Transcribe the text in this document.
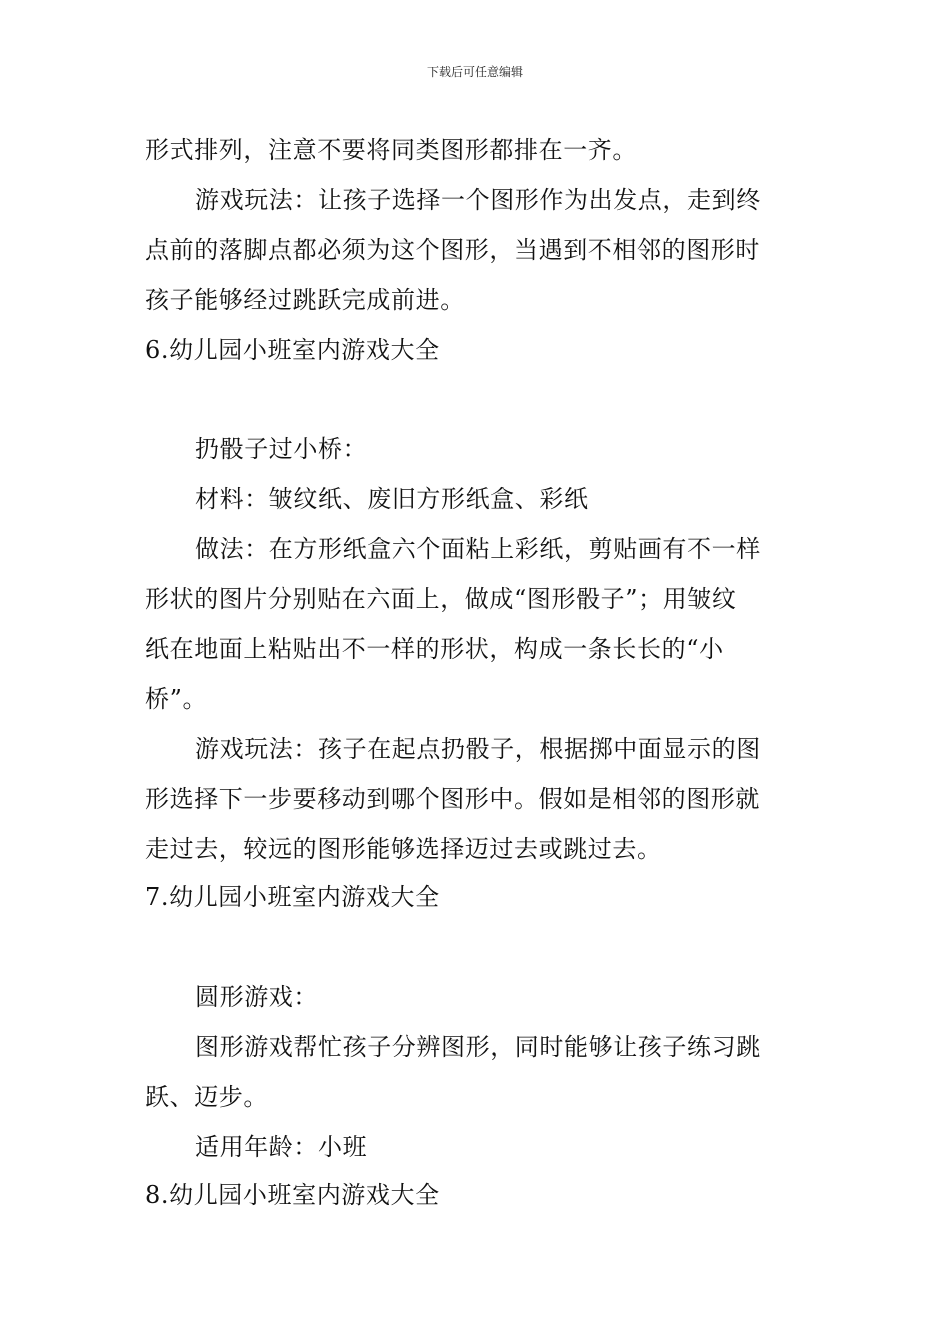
下载后可任意编辑
形式排列，注意不要将同类图形都排在一齐。
游戏玩法：让孩子选择一个图形作为出发点，走到终
点前的落脚点都必须为这个图形，当遇到不相邻的图形时
孩子能够经过跳跃完成前进。
6.幼儿园小班室内游戏大全
扔骰子过小桥：
材料：皱纹纸、废旧方形纸盒、彩纸
做法：在方形纸盒六个面粘上彩纸，剪贴画有不一样
形状的图片分别贴在六面上，做成“图形骰子”；用皱纹
纸在地面上粘贴出不一样的形状，构成一条长长的“小
桥”。
游戏玩法：孩子在起点扔骰子，根据掷中面显示的图
形选择下一步要移动到哪个图形中。假如是相邻的图形就
走过去，较远的图形能够选择迈过去或跳过去。
7.幼儿园小班室内游戏大全
圆形游戏：
图形游戏帮忙孩子分辨图形，同时能够让孩子练习跳
跃、迈步。
适用年龄：小班
8.幼儿园小班室内游戏大全
